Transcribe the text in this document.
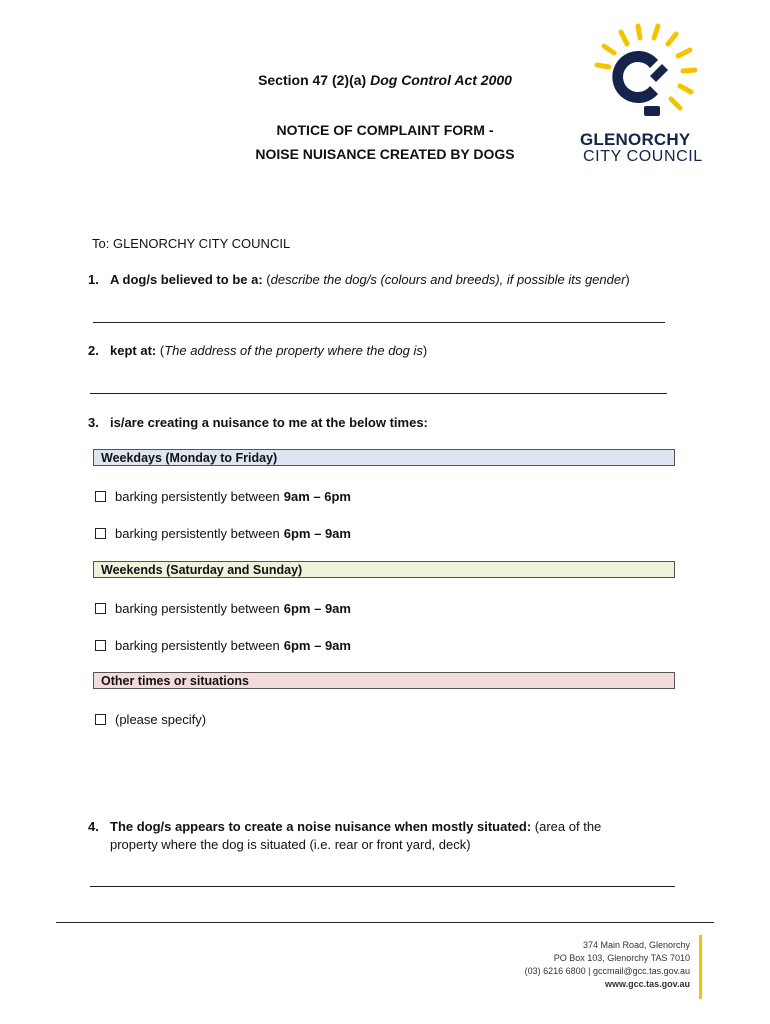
Section 47 (2)(a) Dog Control Act 2000
NOTICE OF COMPLAINT FORM -
NOISE NUISANCE CREATED BY DOGS
GLENORCHY
CITY COUNCIL
To: GLENORCHY CITY COUNCIL
1. A dog/s believed to be a: (describe the dog/s (colours and breeds), if possible its gender)
2. kept at: (The address of the property where the dog is)
3. is/are creating a nuisance to me at the below times:
Weekdays (Monday to Friday)
barking persistently between 9am – 6pm
barking persistently between 6pm – 9am
Weekends (Saturday and Sunday)
barking persistently between 6pm – 9am
barking persistently between 6pm – 9am
Other times or situations
(please specify)
4. The dog/s appears to create a noise nuisance when mostly situated: (area of the
property where the dog is situated (i.e. rear or front yard, deck)
374 Main Road, Glenorchy
PO Box 103, Glenorchy TAS 7010
(03) 6216 6800 | gccmail@gcc.tas.gov.au
www.gcc.tas.gov.au
